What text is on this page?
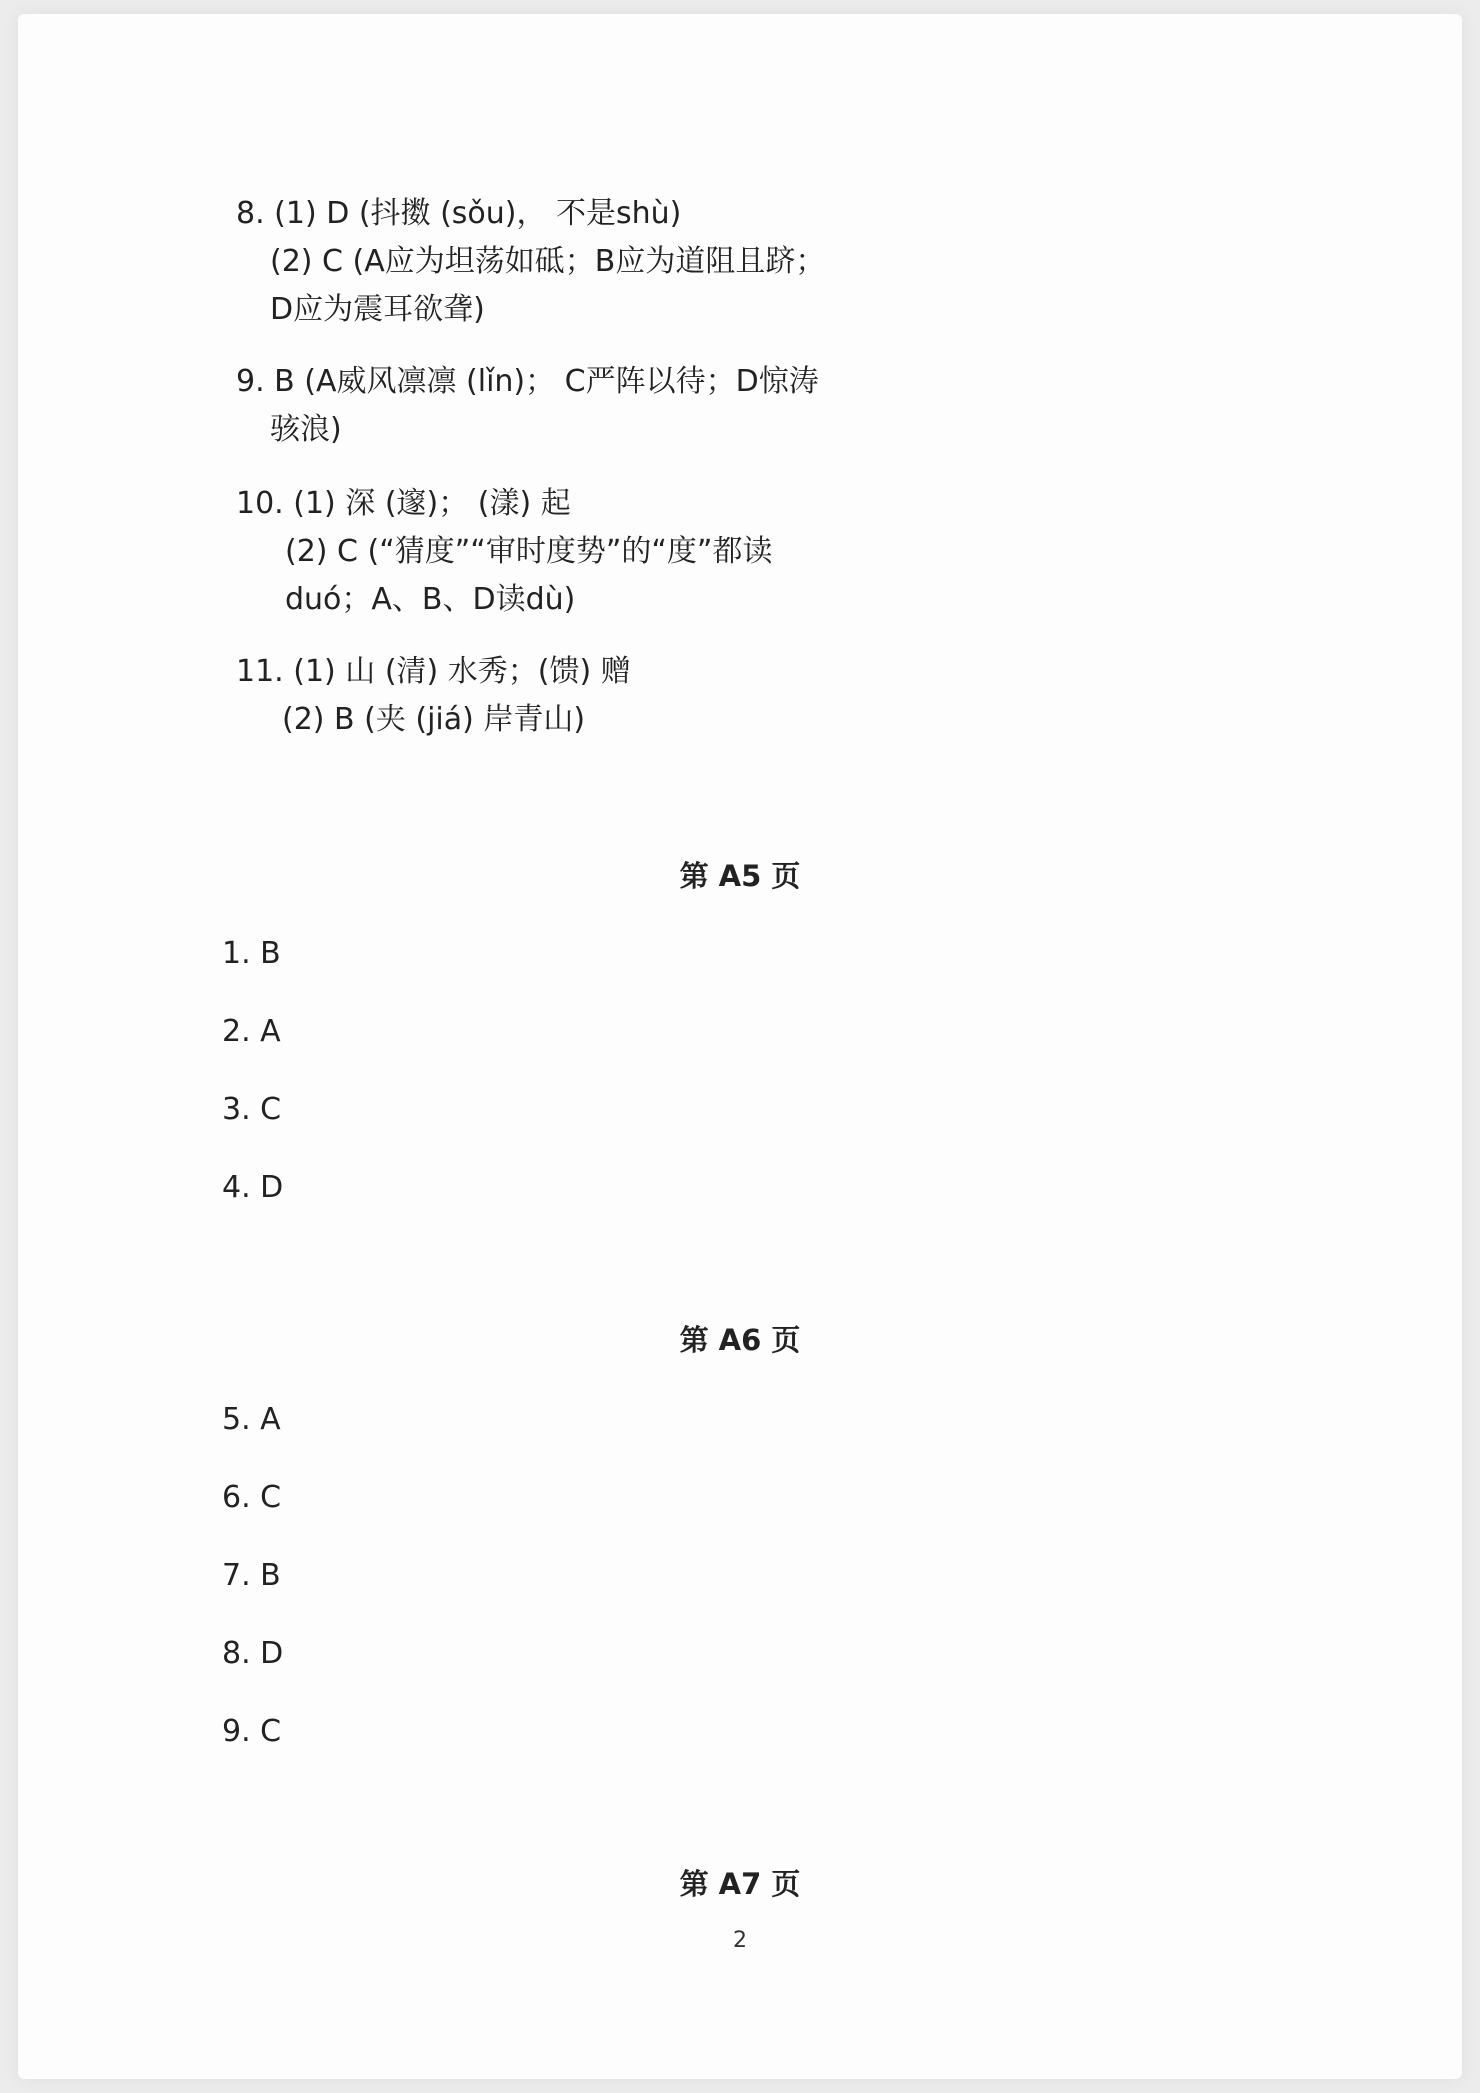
8. (1) D (抖擞 (sǒu)， 不是shù)
(2) C (A应为坦荡如砥；B应为道阻且跻；
D应为震耳欲聋)
9. B (A威风凛凛 (lǐn)； C严阵以待；D惊涛
骇浪)
10. (1) 深 (邃)； (漾) 起
(2) C (“猜度”“审时度势”的“度”都读
duó；A、B、D读dù)
11. (1) 山 (清) 水秀；(馈) 赠
(2) B (夹 (jiá) 岸青山)
第 A5 页
1. B
2. A
3. C
4. D
第 A6 页
5. A
6. C
7. B
8. D
9. C
第 A7 页
2
